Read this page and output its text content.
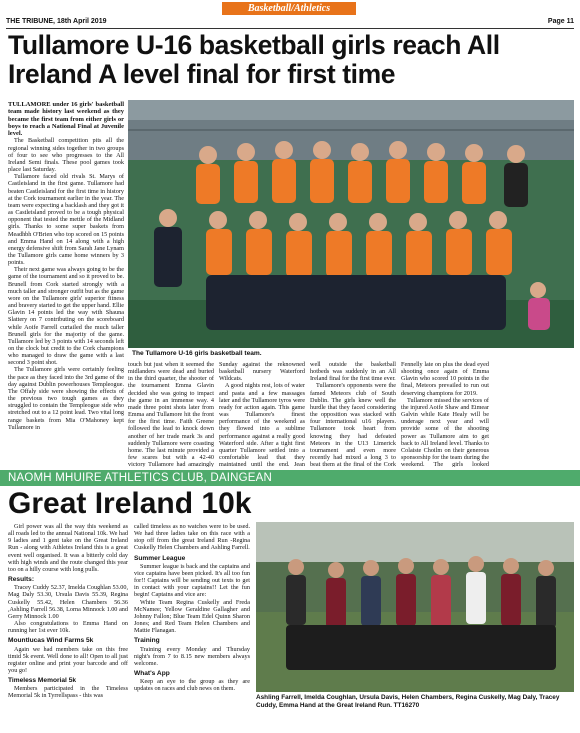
Basketball/Athletics
THE TRIBUNE, 18th April 2019	Page 11
Tullamore U-16 basketball girls reach All Ireland A level final for first time

TULLAMORE under 16 girls' basketball team made history last weekend as they became the first team from either girls or boys to reach a National Final at Juvenile level.

The Basketball competition pits all the regional winning sides together in two groups of four to see who progresses to the All Ireland Semi finals. These pool games took place last Saturday.

Tullamore faced old rivals St. Marys of Castleisland in the first game. Tullamore had beaten Castleisland for the first time in history at the Cork tournament earlier in the year. The team were expecting a backlash and they got it as Castleisland proved to be a tough physical opponent that tested the mettle of the Midland girls. Thanks to some super baskets from Meadhbh O'Brien who top scored on 15 points and Emma Hand on 14 along with a high energy defensive shift from Sarah Jane Lynam the Tullamore girls came home winners by 3 points.

Their next game was always going to be the game of the tournament and so it proved to be. Brunell from Cork started strongly with a much taller and stronger outfit but as the game wore on the Tullamore girls' superior fitness and bravery started to get the upper hand. Ellie Glavin 14 points led the way with Shauna Slattery on 7 contributing on the scoreboard while Aoife Farrell curtailed the much taller Brunell girls for the majority of the game. Tullamore led by 3 points with 14 seconds left on the clock but credit to the Cork champions who managed to draw the game with a last second 3 point shot.

The Tullamore girls were certainly feeling the pace as they faced into the 3rd game of the day against Dublin powerhouses Templeogue. The Offaly side were showing the effects of the previous two tough games as they struggled to contain the Templeogue side who stretched out to a 12 point lead. Two vital long range baskets from Mia O'Mahoney kept Tullamore in

The Tullamore U-16 girls basketball team.

touch but just when it seemed the midlanders were dead and buried in the third quarter, the shooter of the tournament Emma Glavin decided she was going to impact the game in an immense way. 4 made three point shots later from Emma and Tullamore hit the front for the first time. Faith Greene followed the lead to knock down another of her trade mark 3s and suddenly Tullamore were coasting home. The last minute provided a few scares but with a 42-40 victory Tullamore had amazingly

Sunday against the reknowned basketball nursery Waterford Wildcats.

A good nights rest, lots of water and pasta and a few massages later and the Tullamore tyros were ready for action again. This game was Tullamore's finest performance of the weekend as they flowed into a sublime performance against a really good Waterford side. After a tight first quarter Tullamore settled into a comfortable lead that they maintained until the end. Jean

well outside the basketball hotbeds was suddenly in an All Ireland final for the first time ever.

Tullamore's opponents were the famed Meteors club of South Dublin. The girls knew well the hurdle that they faced considering the opposition was stacked with four international u16 players. Tullamore took heart from knowing they had defeated Meteors in the U13 Limerick tournament and even more recently had mixed a long 3 to beat them at the final of the Cork

Fennelly late on plus the dead eyed shooting once again of Emma Glavin who scored 10 points in the final, Meteors prevailed to run out deserving champions for 2019.

Tullamore missed the services of the injured Aoife Shaw and Eimear Galvin while Kate Healy will be underage next year and will provide some of the shooting power as Tullamore aim to get back to All Ireland level. Thanks to Colaiste Choilm on their generous sponsorship for the team during the weekend. The girls looked

NAOMH MHUIRE ATHLETICS CLUB, DAINGEAN
Great Ireland 10k

Girl power was all the way this weekend as all roads led to the annual National 10k. We had 9 ladies and 1 gent take on the Great Ireland Run - along with Athletes Ireland this is a great event well organised. It was a bitterly cold day with high winds and the route changed this year too on a hilly course with long pulls.

Results:

Tracey Cuddy 52.37, Imelda Coughlan 53.00, Mag Daly 53.30, Ursula Davis 55.39, Regina Cuskelly 55.42, Helen Chambers 56.36 ,Ashling Farrell 56.38, Lorna Minnock 1.00 and Gerry Minnock 1.00

Also congratulations to Emma Hand on running her 1st ever 10k.

Mountlucas Wind Farms 5k

Again we had members take on this free timid 5k event. Well done to all! Open to all just register online and print your barcode and off you go!

Timeless Memorial 5k

Members participated in the Timeless Memorial 5k in Tyrrellspass - this was

called timeless as no watches were to be used. We had three ladies take on this race with a stop off from the great Ireland Run -Regina Cuskelly Helen Chambers and Ashling Farrell.

Summer League

Summer league is back and the captains and vice captains have been picked. It's all too fun for!! Captains will be sending out texts to get in contact with your captains!! Let the fun begin! Captains and vice are:

White Team Regina Cuskelly and Freda McNamee; Yellow Geraldine Gallagher and Johnny Fallon; Blue Team Edel Quinn Sharon Jones; and Red Team Helen Chambers and Mattie Flanagan.

Training

Training every Monday and Thursday night's from 7 to 8.15 new members always welcome.

What's App

Keep an eye to the group as they are updates on races and club news on them.

Ashling Farrell, Imelda Coughlan, Ursula Davis, Helen Chambers, Regina Cuskelly, Mag Daly, Tracey Cuddy, Emma Hand at the Great Ireland Run. TT16270
